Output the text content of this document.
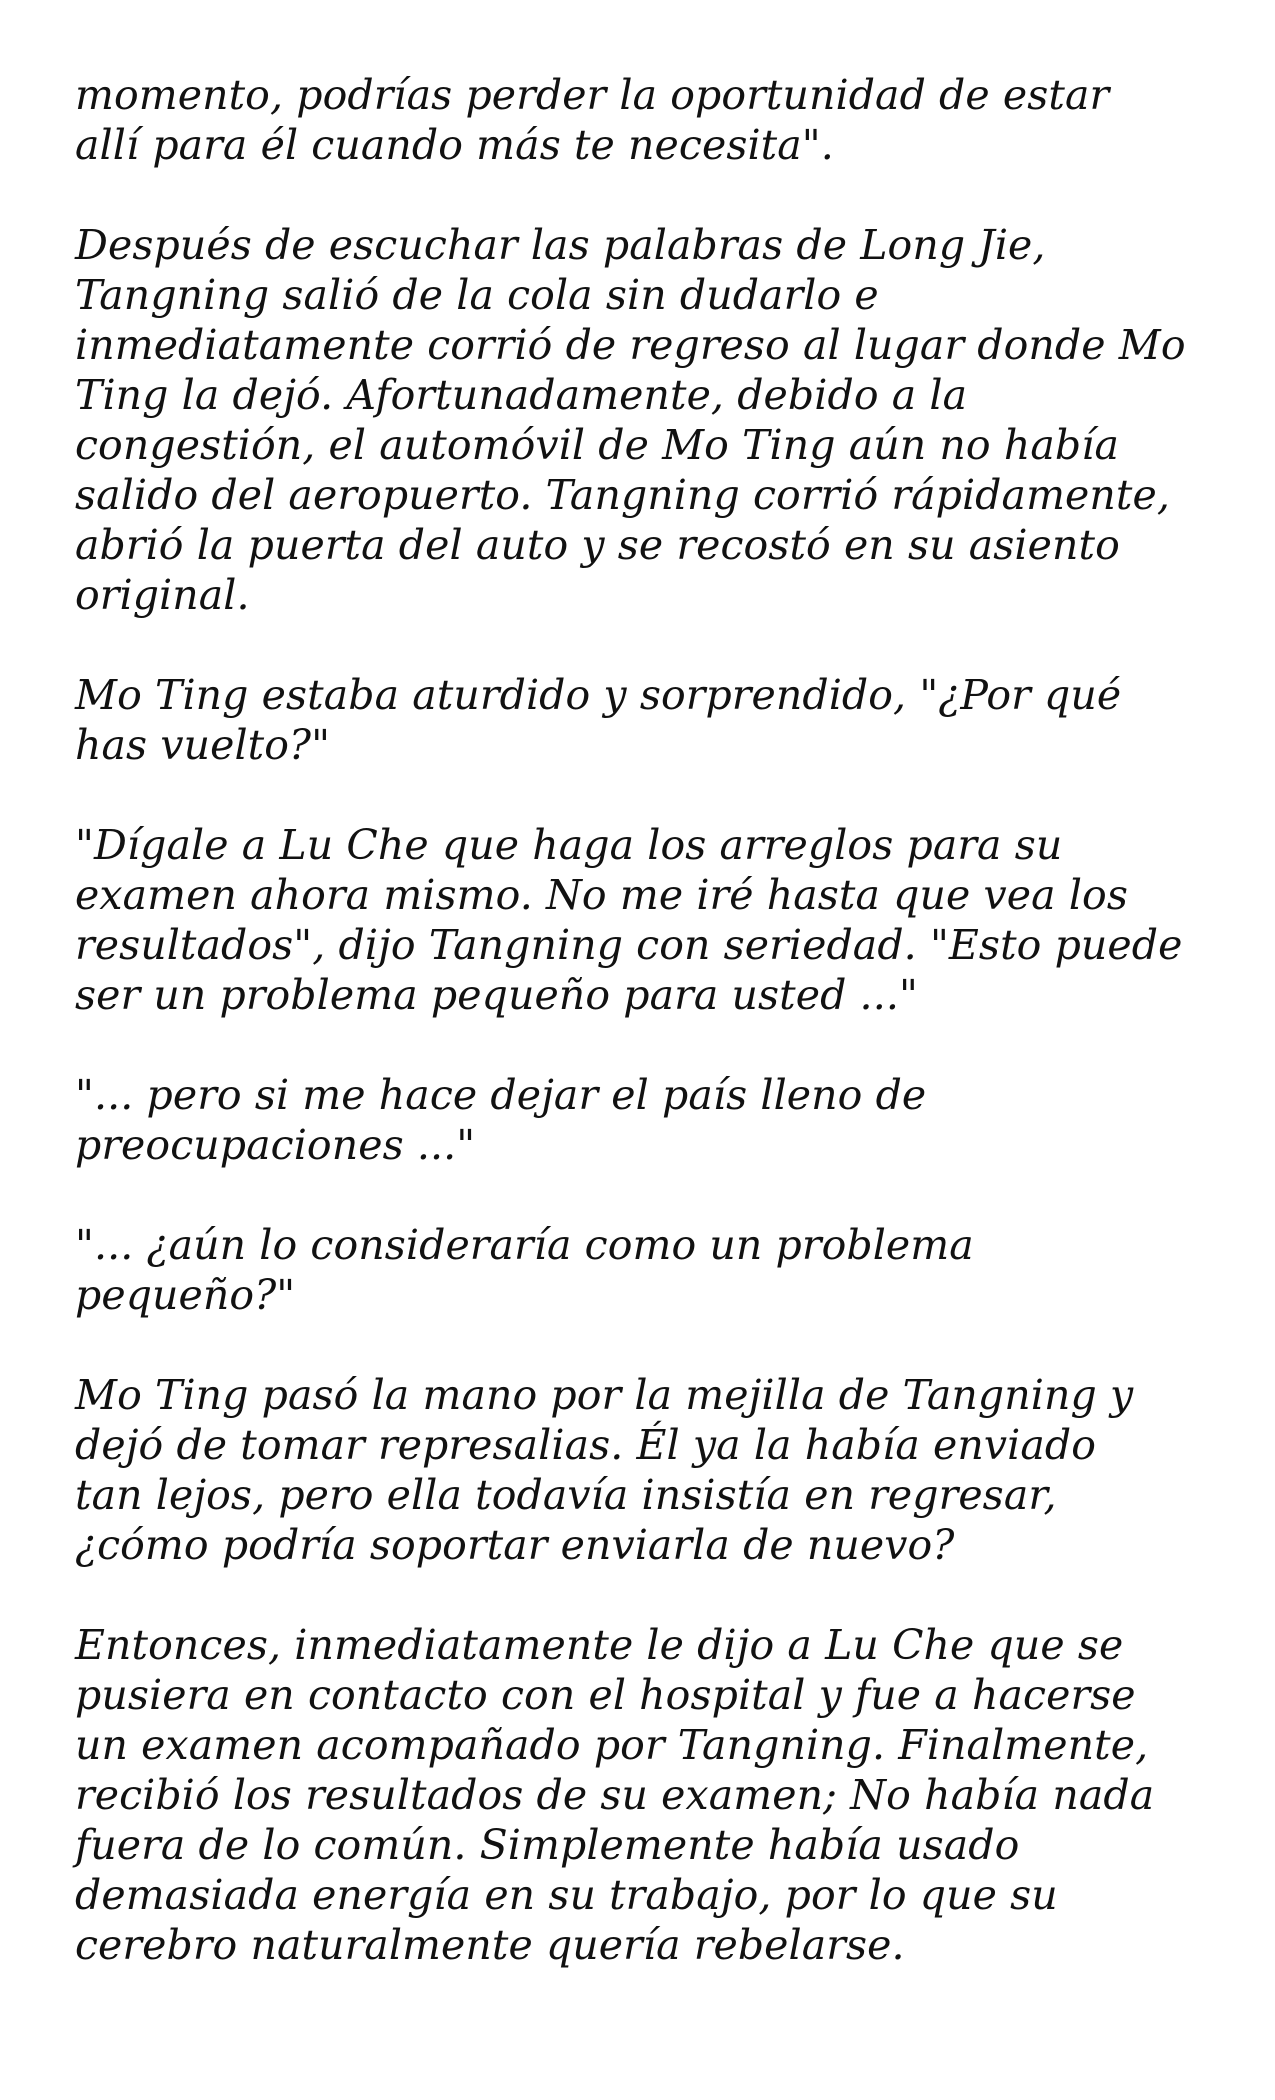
momento, podrías perder la oportunidad de estar
allí para él cuando más te necesita".

Después de escuchar las palabras de Long Jie,
Tangning salió de la cola sin dudarlo e
inmediatamente corrió de regreso al lugar donde Mo
Ting la dejó. Afortunadamente, debido a la
congestión, el automóvil de Mo Ting aún no había
salido del aeropuerto. Tangning corrió rápidamente,
abrió la puerta del auto y se recostó en su asiento
original.

Mo Ting estaba aturdido y sorprendido, "¿Por qué
has vuelto?"

"Dígale a Lu Che que haga los arreglos para su
examen ahora mismo. No me iré hasta que vea los
resultados", dijo Tangning con seriedad. "Esto puede
ser un problema pequeño para usted ..."

"... pero si me hace dejar el país lleno de
preocupaciones ..."

"... ¿aún lo consideraría como un problema
pequeño?"

Mo Ting pasó la mano por la mejilla de Tangning y
dejó de tomar represalias. Él ya la había enviado
tan lejos, pero ella todavía insistía en regresar,
¿cómo podría soportar enviarla de nuevo?

Entonces, inmediatamente le dijo a Lu Che que se
pusiera en contacto con el hospital y fue a hacerse
un examen acompañado por Tangning. Finalmente,
recibió los resultados de su examen; No había nada
fuera de lo común. Simplemente había usado
demasiada energía en su trabajo, por lo que su
cerebro naturalmente quería rebelarse.
